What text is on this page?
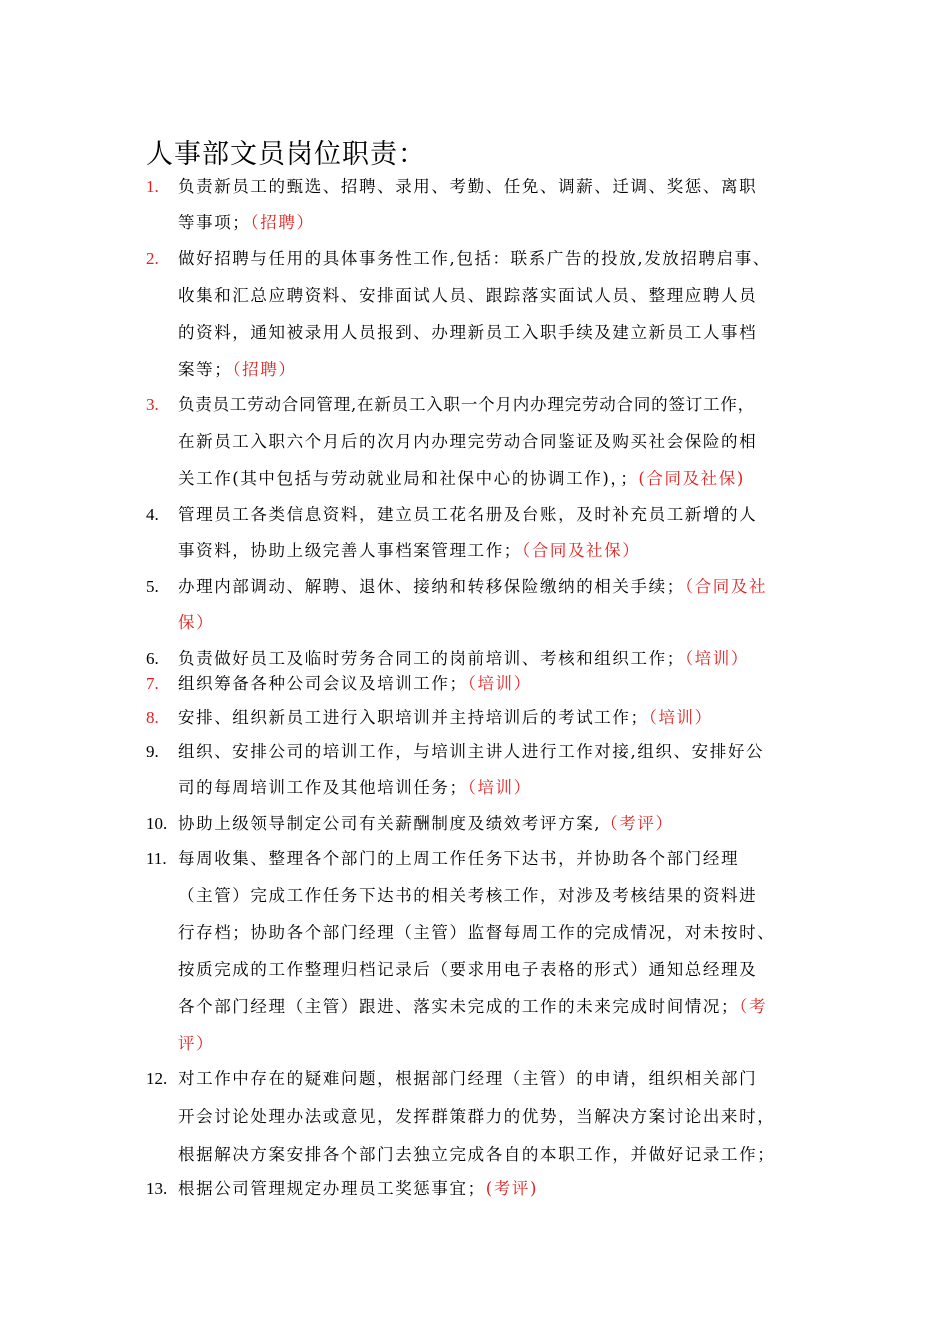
人事部文员岗位职责：
1. 负责新员工的甄选、招聘、录用、考勤、任免、调薪、迁调、奖惩、离职
等事项；（招聘）
2. 做好招聘与任用的具体事务性工作,包括：联系广告的投放,发放招聘启事、
收集和汇总应聘资料、安排面试人员、跟踪落实面试人员、整理应聘人员
的资料，通知被录用人员报到、办理新员工入职手续及建立新员工人事档
案等；（招聘）
3. 负责员工劳动合同管理,在新员工入职一个月内办理完劳动合同的签订工作，
在新员工入职六个月后的次月内办理完劳动合同鉴证及购买社会保险的相
关工作(其中包括与劳动就业局和社保中心的协调工作)，；(合同及社保)
4. 管理员工各类信息资料，建立员工花名册及台账，及时补充员工新增的人
事资料，协助上级完善人事档案管理工作；（合同及社保）
5. 办理内部调动、解聘、退休、接纳和转移保险缴纳的相关手续；（合同及社
保）
6. 负责做好员工及临时劳务合同工的岗前培训、考核和组织工作；（培训）
7. 组织筹备各种公司会议及培训工作；（培训）
8. 安排、组织新员工进行入职培训并主持培训后的考试工作；（培训）
9. 组织、安排公司的培训工作，与培训主讲人进行工作对接,组织、安排好公
司的每周培训工作及其他培训任务；（培训）
10. 协助上级领导制定公司有关薪酬制度及绩效考评方案,（考评）
11. 每周收集、整理各个部门的上周工作任务下达书，并协助各个部门经理
（主管）完成工作任务下达书的相关考核工作，对涉及考核结果的资料进
行存档；协助各个部门经理（主管）监督每周工作的完成情况，对未按时、
按质完成的工作整理归档记录后（要求用电子表格的形式）通知总经理及
各个部门经理（主管）跟进、落实未完成的工作的未来完成时间情况；（考
评）
12. 对工作中存在的疑难问题，根据部门经理（主管）的申请，组织相关部门
开会讨论处理办法或意见，发挥群策群力的优势，当解决方案讨论出来时，
根据解决方案安排各个部门去独立完成各自的本职工作，并做好记录工作；
13. 根据公司管理规定办理员工奖惩事宜；(考评)
